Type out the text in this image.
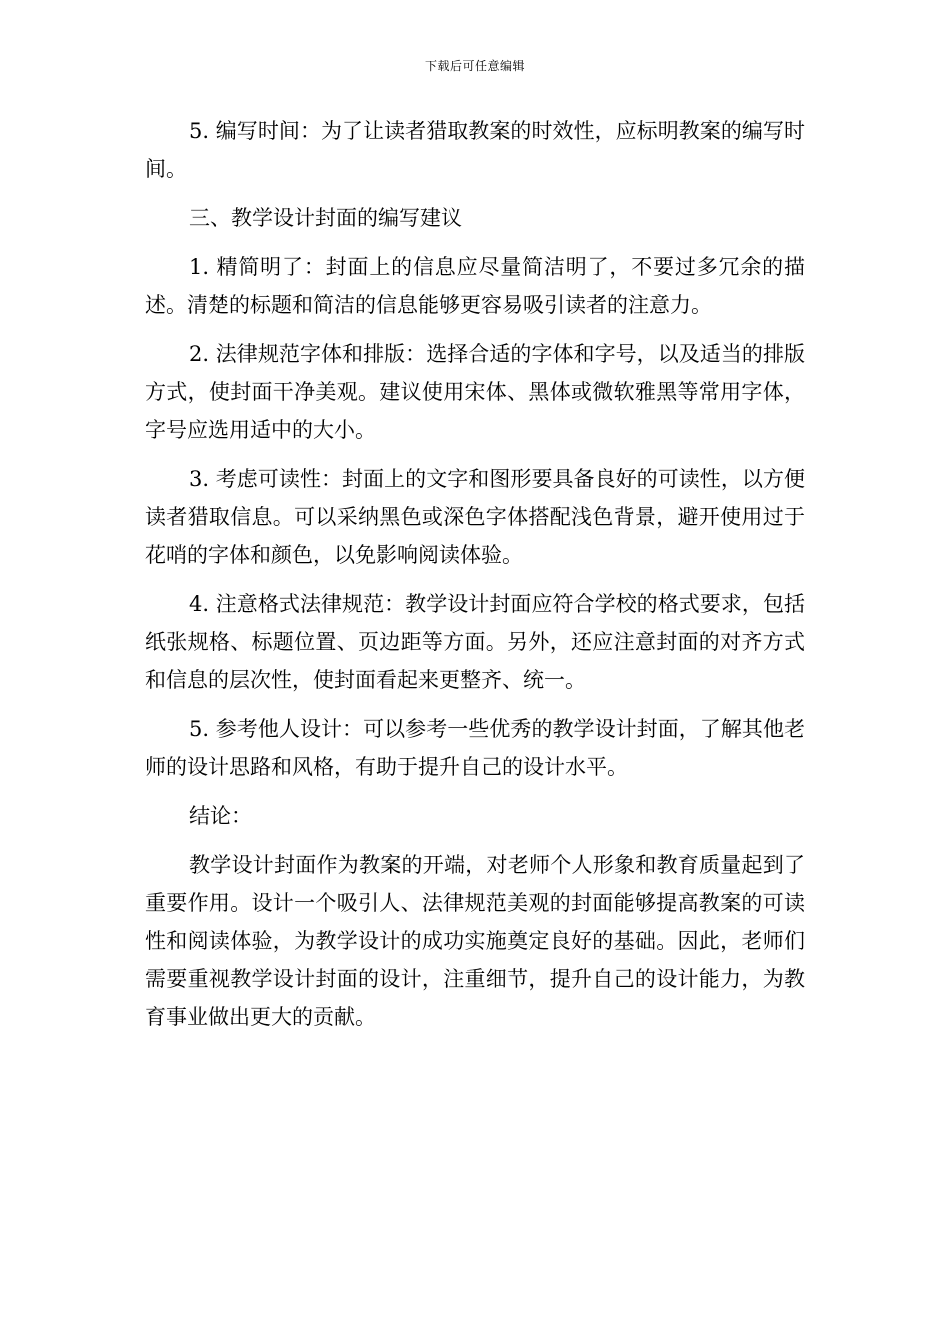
下载后可任意编辑

5. 编写时间：为了让读者猎取教案的时效性，应标明教案的编写时间。

三、教学设计封面的编写建议

1. 精简明了：封面上的信息应尽量简洁明了，不要过多冗余的描述。清楚的标题和简洁的信息能够更容易吸引读者的注意力。

2. 法律规范字体和排版：选择合适的字体和字号，以及适当的排版方式，使封面干净美观。建议使用宋体、黑体或微软雅黑等常用字体，字号应选用适中的大小。

3. 考虑可读性：封面上的文字和图形要具备良好的可读性，以方便读者猎取信息。可以采纳黑色或深色字体搭配浅色背景，避开使用过于花哨的字体和颜色，以免影响阅读体验。

4. 注意格式法律规范：教学设计封面应符合学校的格式要求，包括纸张规格、标题位置、页边距等方面。另外，还应注意封面的对齐方式和信息的层次性，使封面看起来更整齐、统一。

5. 参考他人设计：可以参考一些优秀的教学设计封面，了解其他老师的设计思路和风格，有助于提升自己的设计水平。

结论：

教学设计封面作为教案的开端，对老师个人形象和教育质量起到了重要作用。设计一个吸引人、法律规范美观的封面能够提高教案的可读性和阅读体验，为教学设计的成功实施奠定良好的基础。因此，老师们需要重视教学设计封面的设计，注重细节，提升自己的设计能力，为教育事业做出更大的贡献。
